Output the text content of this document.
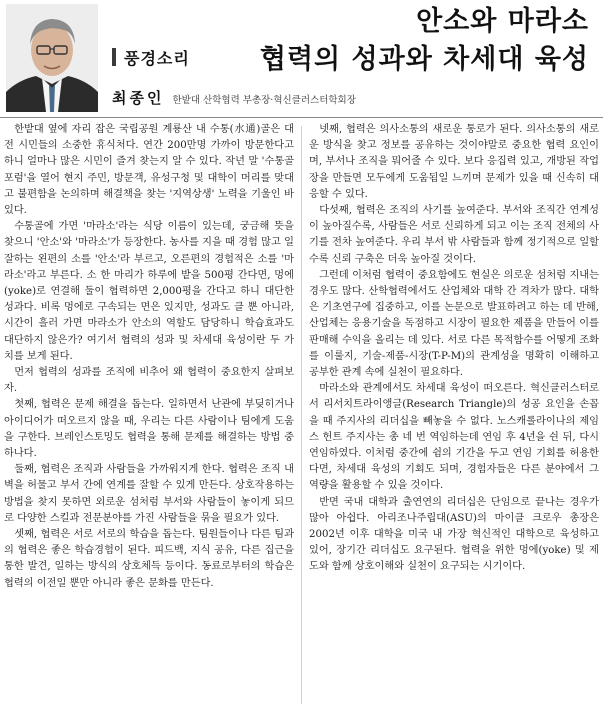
풍경소리
안소와 마라소
협력의 성과와 차세대 육성
최종인 한밭대 산학협력 부총장·혁신클러스터학회장

한밭대 옆에 자리 잡은 국립공원 계룡산 내 수통(水通)골은 대전 시민들의 소중한 휴식처다. 연간 200만명 가까이 방문한다고 하니 얼마나 많은 시민이 즐겨 찾는지 알 수 있다. 작년 말 '수통골포럼'을 열어 현지 주민, 방문객, 유성구청 및 대학이 머리를 맞대고 불편함을 논의하며 해결책을 찾는 '지역상생' 노력을 기울인 바 있다.

수통골에 가면 '마라소'라는 식당 이름이 있는데, 궁금해 뜻을 찾으니 '안소'와 '마라소'가 등장한다. 농사를 지을 때 경험 많고 일 잘하는 왼편의 소를 '안소'라 부르고, 오른편의 경험적은 소를 '마라소'라고 부른다. 소 한 마리가 하루에 밭을 500평 간다면, 멍에(yoke)로 연결해 둘이 협력하면 2,000평을 간다고 하니 대단한 성과다. 비록 멍에로 구속되는 면은 있지만, 성과도 클 뿐 아니라, 시간이 흘러 가면 마라소가 안소의 역할도 담당하니 학습효과도 대단하지 않은가? 여기서 협력의 성과 및 차세대 육성이란 두 가치를 보게 된다.

먼저 협력의 성과를 조직에 비추어 왜 협력이 중요한지 살펴보자.

첫째, 협력은 문제 해결을 돕는다. 일하면서 난관에 부딪히거나 아이디어가 떠오르지 않을 때, 우리는 다른 사람이나 팀에게 도움을 구한다. 브레인스토밍도 협력을 통해 문제를 해결하는 방법 중 하나다.

둘째, 협력은 조직과 사람들을 가까워지게 한다. 협력은 조직 내 벽을 허물고 부서 간에 연계를 잘할 수 있게 만든다. 상호작용하는 방법을 찾지 못하면 외로운 섬처럼 부서와 사람들이 놓이게 되므로 다양한 스킬과 전문분야를 가진 사람들을 묶을 필요가 있다.

셋째, 협력은 서로 서로의 학습을 돕는다. 팀원들이나 다른 팀과의 협력은 좋은 학습경험이 된다. 피드백, 지식 공유, 다른 집근을 통한 발견, 일하는 방식의 상호체득 등이다. 동료로부터의 학습은 협력의 이전일 뿐만 아니라 좋은 문화를 만든다.

넷째, 협력은 의사소통의 새로운 통로가 된다. 의사소통의 새로운 방식을 찾고 정보를 공유하는 것이야말로 중요한 협력 요인이며, 부서나 조직을 뭐어줄 수 있다. 보다 응집력 있고, 개방된 작업장을 만들면 모두에게 도움됨일 느끼며 문제가 있을 때 신속히 대응할 수 있다.

다섯째, 협력은 조직의 사기를 높여준다. 부서와 조직간 연계성이 높아질수록, 사람들은 서로 신뢰하게 되고 이는 조직 전체의 사기를 전차 높여준다. 우리 부서 밖 사람들과 함께 정기적으로 일할수록 신뢰 구축은 더욱 높아질 것이다.

그런데 이처럼 협력이 중요함에도 현실은 의로운 섬처럼 지내는 경우도 많다. 산학협력에서도 산업체와 대학 간 격차가 많다. 대학은 기초연구에 집중하고, 이를 논문으로 발표하려고 하는 데 반해, 산업체는 응용기술을 독점하고 시장이 필요한 제품을 만들어 이를 판매해 수익을 올리는 데 있다. 서로 다른 목적함수를 어떻게 조화를 이룰지, 기술-제품-시장(T-P-M)의 관계성을 명확히 이해하고 공부한 관계 속에 실천이 필요하다.

마라소와 관계에서도 차세대 육성이 떠오른다. 혁신클러스터로서 리서치트라이앵글(Research Triangle)의 성공 요인을 손꼽을 때 주지사의 리더십을 빼놓을 수 없다. 노스캐롤라이나의 제임스 헌트 주지사는 총 네 번 역임하는데 연임 후 4년을 쉰 뒤, 다시 연임하였다. 이처럼 중간에 쉼의 기간을 두고 연임 기회를 허용한다면, 차세대 육성의 기회도 되며, 경험자들은 다른 분야에서 그 역량을 활용할 수 있을 것이다.

반면 국내 대학과 출연연의 리더십은 단임으로 끝나는 경우가 많아 아쉽다. 아리조나주립대(ASU)의 마이클 크로우 총장은 2002년 이후 대학을 미국 내 가장 혁신적인 대학으로 육성하고 있어, 장기간 리더십도 요구된다. 협력을 위한 멍에(yoke) 및 제도와 함께 상호이해와 실천이 요구되는 시기이다.
